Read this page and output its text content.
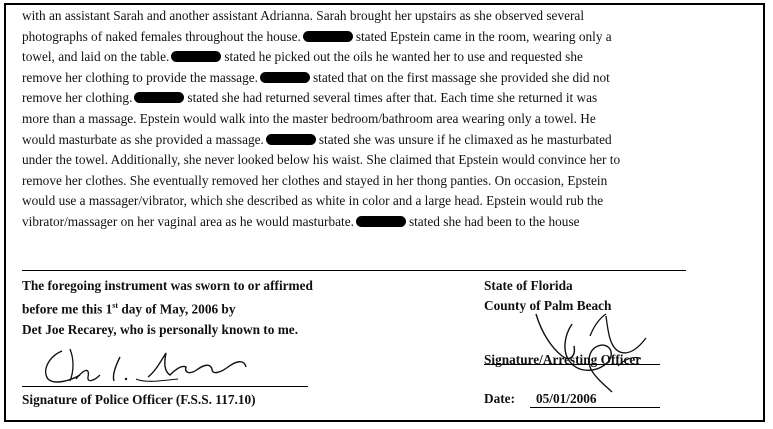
with an assistant Sarah and another assistant Adrianna. Sarah brought her upstairs as she observed several
photographs of naked females throughout the house.	stated Epstein came in the room, wearing only a
towel, and laid on the table.	stated he picked out the oils he wanted her to use and requested she
remove her clothing to provide the massage.	stated that on the first massage she provided she did not
remove her clothing.	stated she had returned several times after that. Each time she returned it was
more than a massage. Epstein would walk into the master bedroom/bathroom area wearing only a towel. He
would masturbate as she provided a massage.	stated she was unsure if he climaxed as he masturbated
under the towel. Additionally, she never looked below his waist. She claimed that Epstein would convince her to
remove her clothes. She eventually removed her clothes and stayed in her thong panties. On occasion, Epstein
would use a massager/vibrator, which she described as white in color and a large head. Epstein would rub the
vibrator/massager on her vaginal area as he would masturbate.	stated she had been to the house
The foregoing instrument was sworn to or affirmed
before me this 1st day of May, 2006 by
Det Joe Recarey, who is personally known to me.
State of Florida
County of Palm Beach
Signature of Police Officer (F.S.S. 117.10)
Signature/Arresting Officer
Date: 05/01/2006
